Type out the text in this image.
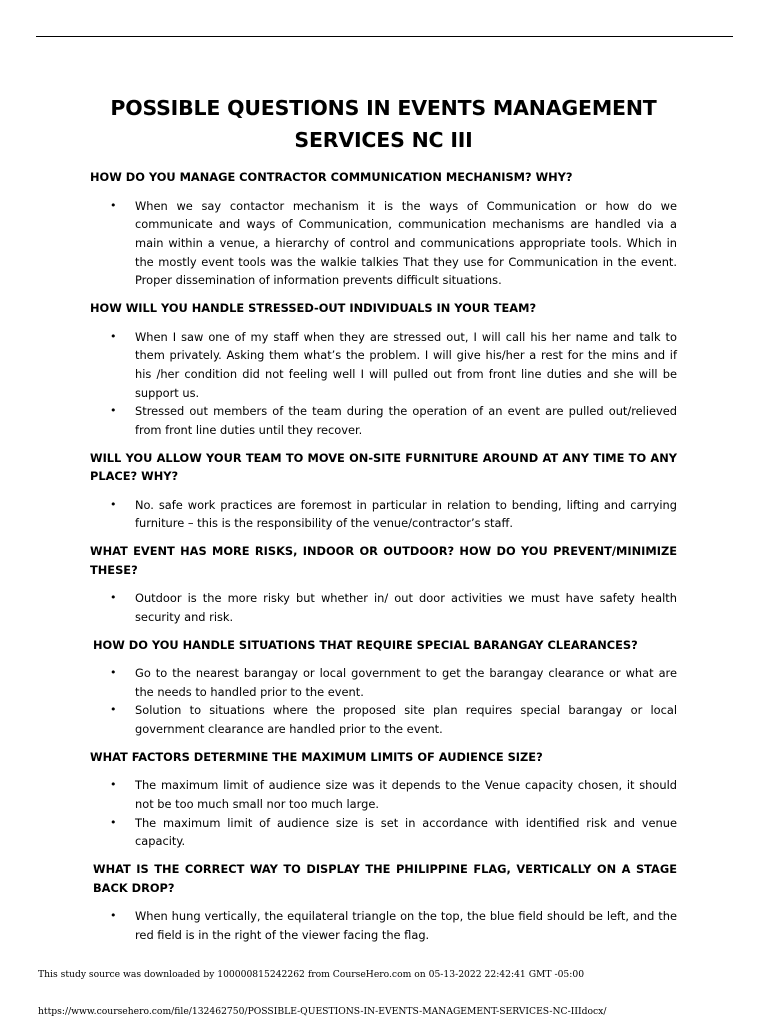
POSSIBLE QUESTIONS IN EVENTS MANAGEMENT
SERVICES NC III

HOW DO YOU MANAGE CONTRACTOR COMMUNICATION MECHANISM? WHY?

• When we say contactor mechanism it is the ways of Communication or how do we communicate and ways of Communication, communication mechanisms are handled via a main within a venue, a hierarchy of control and communications appropriate tools. Which in the mostly event tools was the walkie talkies That they use for Communication in the event. Proper dissemination of information prevents difficult situations.

HOW WILL YOU HANDLE STRESSED-OUT INDIVIDUALS IN YOUR TEAM?

• When I saw one of my staff when they are stressed out, I will call his her name and talk to them privately. Asking them what’s the problem. I will give his/her a rest for the mins and if his /her condition did not feeling well I will pulled out from front line duties and she will be support us.
• Stressed out members of the team during the operation of an event are pulled out/relieved from front line duties until they recover.

WILL YOU ALLOW YOUR TEAM TO MOVE ON-SITE FURNITURE AROUND AT ANY TIME TO ANY PLACE? WHY?

• No. safe work practices are foremost in particular in relation to bending, lifting and carrying furniture – this is the responsibility of the venue/contractor’s staff.

WHAT EVENT HAS MORE RISKS, INDOOR OR OUTDOOR? HOW DO YOU PREVENT/MINIMIZE THESE?

• Outdoor is the more risky but whether in/ out door activities we must have safety health security and risk.

HOW DO YOU HANDLE SITUATIONS THAT REQUIRE SPECIAL BARANGAY CLEARANCES?

• Go to the nearest barangay or local government to get the barangay clearance or what are the needs to handled prior to the event.
• Solution to situations where the proposed site plan requires special barangay or local government clearance are handled prior to the event.

WHAT FACTORS DETERMINE THE MAXIMUM LIMITS OF AUDIENCE SIZE?

• The maximum limit of audience size was it depends to the Venue capacity chosen, it should not be too much small nor too much large.
• The maximum limit of audience size is set in accordance with identified risk and venue capacity.

WHAT IS THE CORRECT WAY TO DISPLAY THE PHILIPPINE FLAG, VERTICALLY ON A STAGE BACK DROP?

• When hung vertically, the equilateral triangle on the top, the blue field should be left, and the red field is in the right of the viewer facing the flag.
This study source was downloaded by 100000815242262 from CourseHero.com on 05-13-2022 22:42:41 GMT -05:00
https://www.coursehero.com/file/132462750/POSSIBLE-QUESTIONS-IN-EVENTS-MANAGEMENT-SERVICES-NC-IIIdocx/
